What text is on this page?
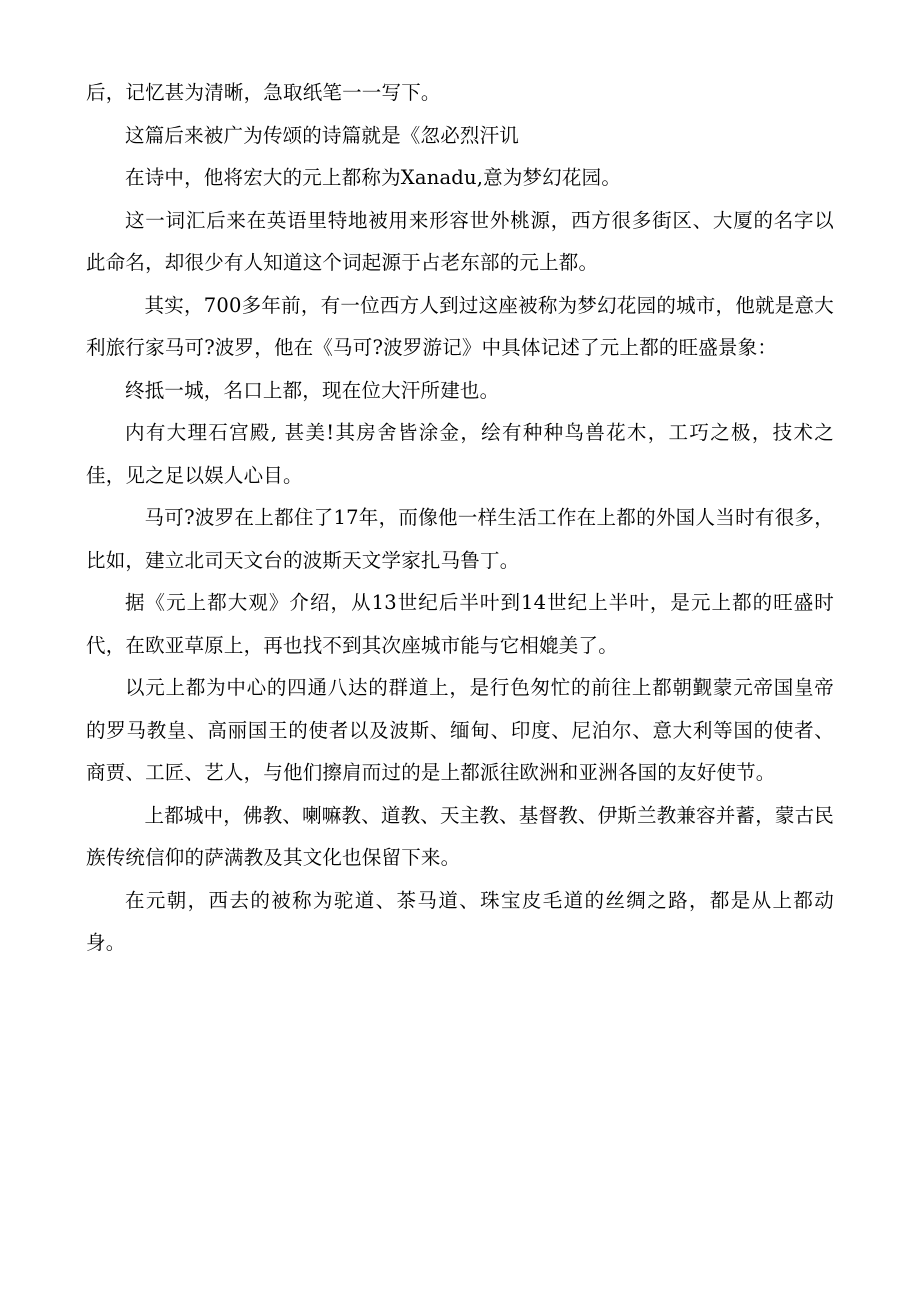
后，记忆甚为清晰，急取纸笔一一写下。

这篇后来被广为传颂的诗篇就是《忽必烈汗讥

在诗中，他将宏大的元上都称为Xanadu,意为梦幻花园。

这一词汇后来在英语里特地被用来形容世外桃源，西方很多街区、大厦的名字以此命名，却很少有人知道这个词起源于占老东部的元上都。

其实，700多年前，有一位西方人到过这座被称为梦幻花园的城市，他就是意大利旅行家马可?波罗，他在《马可?波罗游记》中具体记述了元上都的旺盛景象：

终抵一城，名口上都，现在位大汗所建也。

内有大理石宫殿, 甚美!其房舍皆涂金，绘有种种鸟兽花木，工巧之极，技术之佳，见之足以娱人心目。

马可?波罗在上都住了17年，而像他一样生活工作在上都的外国人当时有很多，比如，建立北司天文台的波斯天文学家扎马鲁丁。

据《元上都大观》介绍，从13世纪后半叶到14世纪上半叶，是元上都的旺盛时代，在欧亚草原上，再也找不到其次座城市能与它相媲美了。

以元上都为中心的四通八达的群道上，是行色匆忙的前往上都朝觐蒙元帝国皇帝的罗马教皇、高丽国王的使者以及波斯、缅甸、印度、尼泊尔、意大利等国的使者、商贾、工匠、艺人，与他们擦肩而过的是上都派往欧洲和亚洲各国的友好使节。

上都城中，佛教、喇嘛教、道教、天主教、基督教、伊斯兰教兼容并蓄，蒙古民族传统信仰的萨满教及其文化也保留下来。

在元朝，西去的被称为驼道、茶马道、珠宝皮毛道的丝绸之路，都是从上都动身。
